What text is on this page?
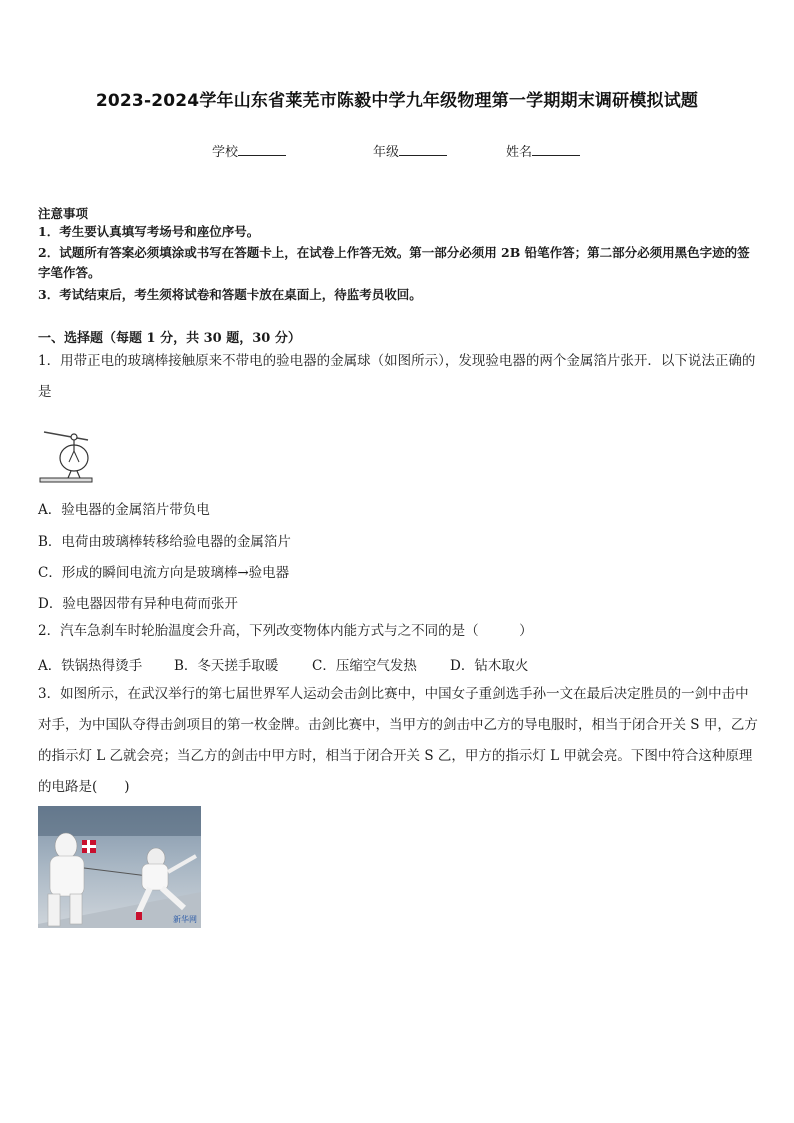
2023-2024学年山东省莱芜市陈毅中学九年级物理第一学期期末调研模拟试题
学校	年级	姓名
注意事项
1．考生要认真填写考场号和座位序号。
2．试题所有答案必须填涂或书写在答题卡上，在试卷上作答无效。第一部分必须用 2B 铅笔作答；第二部分必须用黑色字迹的签字笔作答。
3．考试结束后，考生须将试卷和答题卡放在桌面上，待监考员收回。
一、选择题（每题 1 分，共 30 题，30 分）
1．用带正电的玻璃棒接触原来不带电的验电器的金属球（如图所示），发现验电器的两个金属箔片张开．以下说法正确的是
A．验电器的金属箔片带负电
B．电荷由玻璃棒转移给验电器的金属箔片
C．形成的瞬间电流方向是玻璃棒→验电器
D．验电器因带有异种电荷而张开
2．汽车急刹车时轮胎温度会升高，下列改变物体内能方式与之不同的是（　　　）
A．铁锅热得烫手 B．冬天搓手取暖 C．压缩空气发热 D．钻木取火
3．如图所示，在武汉举行的第七届世界军人运动会击剑比赛中，中国女子重剑选手孙一文在最后决定胜员的一剑中击中对手，为中国队夺得击剑项目的第一枚金牌。击剑比赛中，当甲方的剑击中乙方的导电服时，相当于闭合开关 S 甲，乙方的指示灯 L 乙就会亮；当乙方的剑击中甲方时，相当于闭合开关 S 乙，甲方的指示灯 L 甲就会亮。下图中符合这种原理的电路是(　　)
新华网
